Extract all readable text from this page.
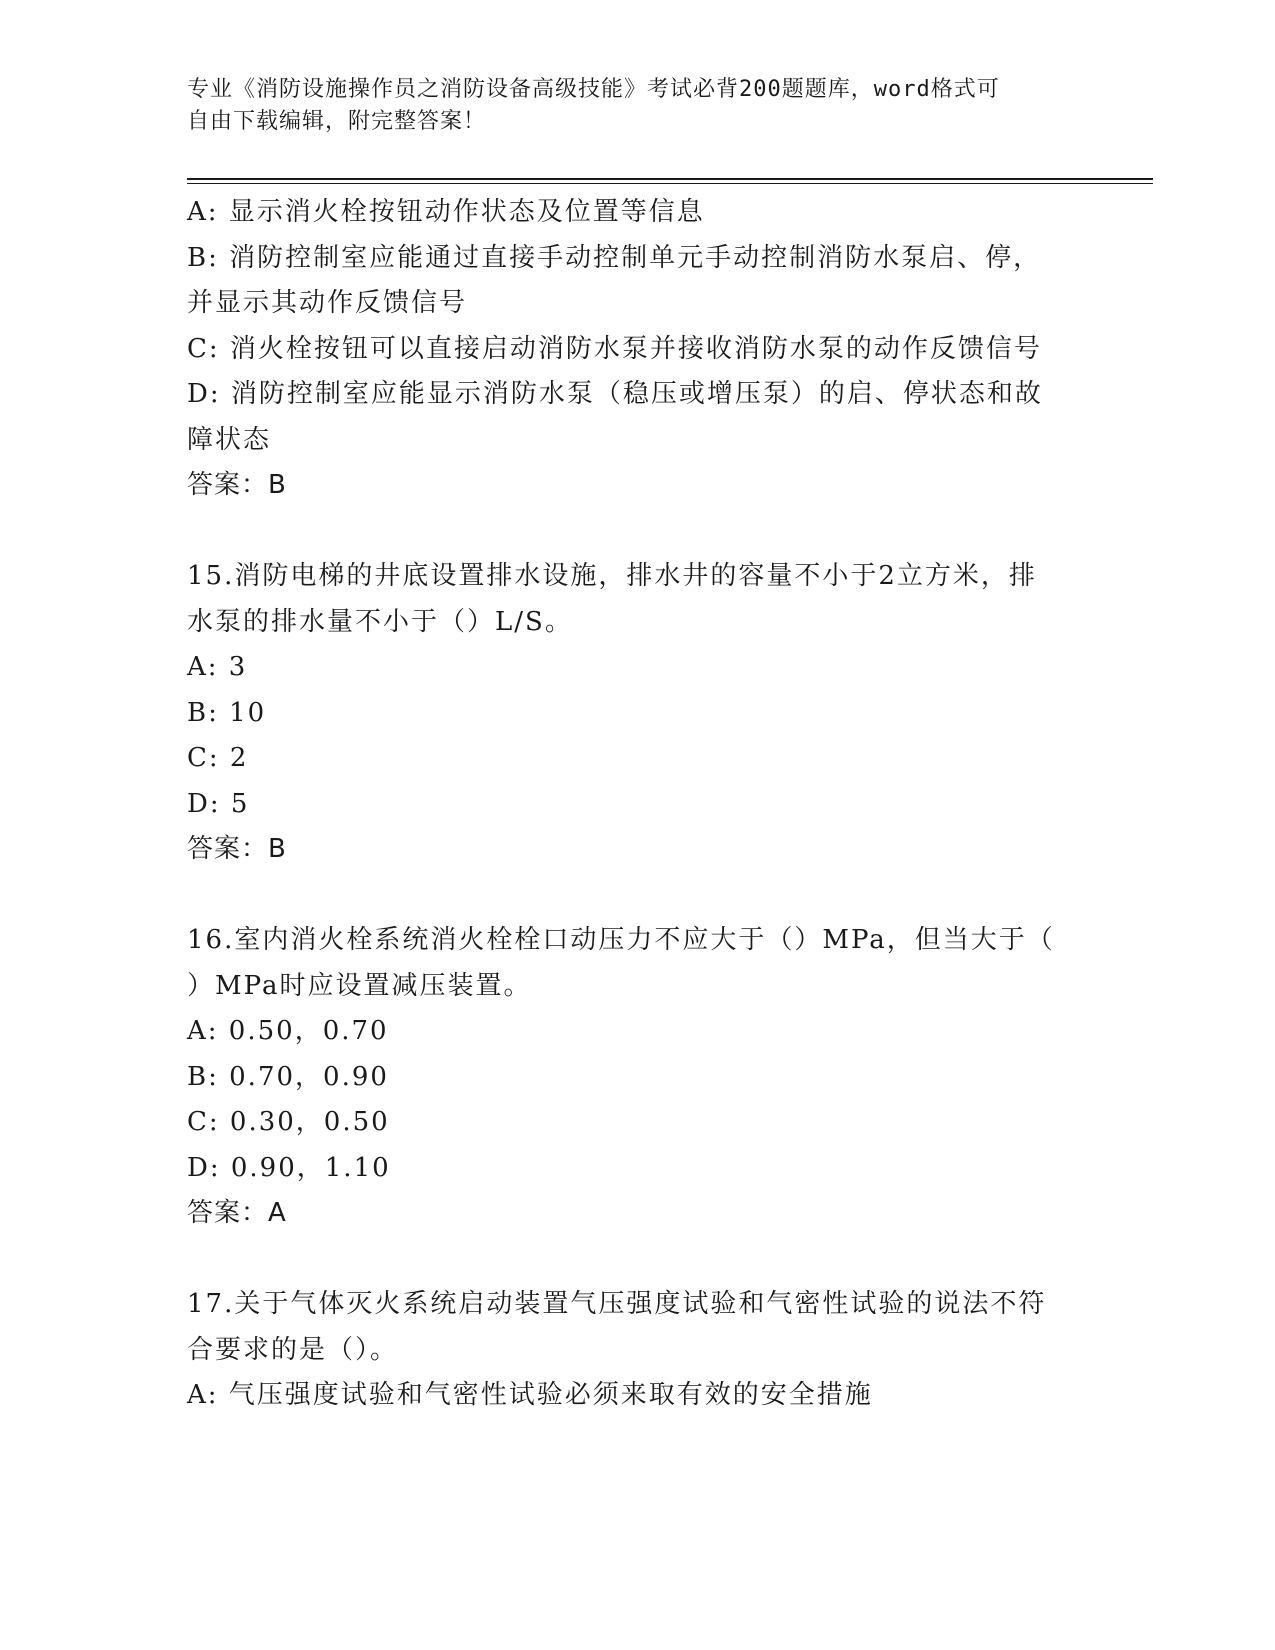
专业《消防设施操作员之消防设备高级技能》考试必背200题题库，word格式可
自由下载编辑，附完整答案！
A: 显示消火栓按钮动作状态及位置等信息
B: 消防控制室应能通过直接手动控制单元手动控制消防水泵启、停，
并显示其动作反馈信号
C: 消火栓按钮可以直接启动消防水泵并接收消防水泵的动作反馈信号
D: 消防控制室应能显示消防水泵（稳压或增压泵）的启、停状态和故
障状态
答案：B
15.消防电梯的井底设置排水设施，排水井的容量不小于2立方米，排
水泵的排水量不小于（）L/S。
A: 3
B: 10
C: 2
D: 5
答案：B
16.室内消火栓系统消火栓栓口动压力不应大于（）MPa，但当大于（
）MPa时应设置减压装置。
A: 0.50，0.70
B: 0.70，0.90
C: 0.30，0.50
D: 0.90，1.10
答案：A
17.关于气体灭火系统启动装置气压强度试验和气密性试验的说法不符
合要求的是（）。
A: 气压强度试验和气密性试验必须来取有效的安全措施
